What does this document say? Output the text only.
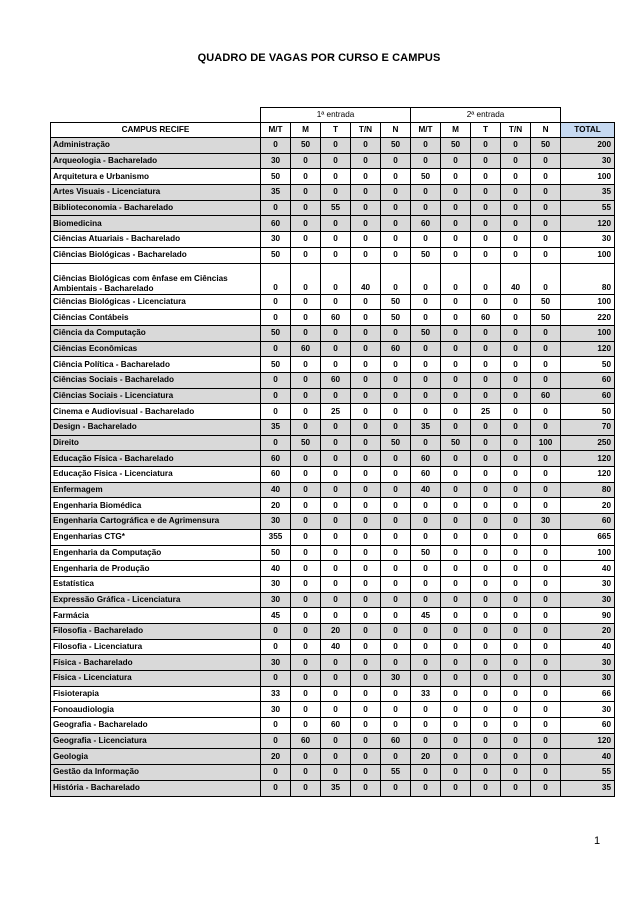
QUADRO DE VAGAS POR CURSO E CAMPUS
		1ª entrada					2ª entrada				
CAMPUS RECIFE	M/T	M	T	T/N	N	M/T	M	T	T/N	N	TOTAL
Administração	0	50	0	0	50	0	50	0	0	50	200
Arqueologia - Bacharelado	30	0	0	0	0	0	0	0	0	0	30
Arquitetura e Urbanismo	50	0	0	0	0	50	0	0	0	0	100
Artes Visuais - Licenciatura	35	0	0	0	0	0	0	0	0	0	35
Biblioteconomia - Bacharelado	0	0	55	0	0	0	0	0	0	0	55
Biomedicina	60	0	0	0	0	60	0	0	0	0	120
Ciências Atuariais - Bacharelado	30	0	0	0	0	0	0	0	0	0	30
Ciências Biológicas - Bacharelado	50	0	0	0	0	50	0	0	0	0	100
Ciências Biológicas com ênfase em Ciências Ambientais - Bacharelado	0	0	0	40	0	0	0	0	40	0	80
Ciências Biológicas - Licenciatura	0	0	0	0	50	0	0	0	0	50	100
Ciências Contábeis	0	0	60	0	50	0	0	60	0	50	220
Ciência da Computação	50	0	0	0	0	50	0	0	0	0	100
Ciências Econômicas	0	60	0	0	60	0	0	0	0	0	120
Ciência Política - Bacharelado	50	0	0	0	0	0	0	0	0	0	50
Ciências Sociais - Bacharelado	0	0	60	0	0	0	0	0	0	0	60
Ciências Sociais - Licenciatura	0	0	0	0	0	0	0	0	0	60	60
Cinema e Audiovisual - Bacharelado	0	0	25	0	0	0	0	25	0	0	50
Design - Bacharelado	35	0	0	0	0	35	0	0	0	0	70
Direito	0	50	0	0	50	0	50	0	0	100	250
Educação Física - Bacharelado	60	0	0	0	0	60	0	0	0	0	120
Educação Física - Licenciatura	60	0	0	0	0	60	0	0	0	0	120
Enfermagem	40	0	0	0	0	40	0	0	0	0	80
Engenharia Biomédica	20	0	0	0	0	0	0	0	0	0	20
Engenharia Cartográfica e de Agrimensura	30	0	0	0	0	0	0	0	0	30	60
Engenharias CTG*	355	0	0	0	0	0	0	0	0	0	665
Engenharia da Computação	50	0	0	0	0	50	0	0	0	0	100
Engenharia de Produção	40	0	0	0	0	0	0	0	0	0	40
Estatística	30	0	0	0	0	0	0	0	0	0	30
Expressão Gráfica - Licenciatura	30	0	0	0	0	0	0	0	0	0	30
Farmácia	45	0	0	0	0	45	0	0	0	0	90
Filosofia - Bacharelado	0	0	20	0	0	0	0	0	0	0	20
Filosofia - Licenciatura	0	0	40	0	0	0	0	0	0	0	40
Física - Bacharelado	30	0	0	0	0	0	0	0	0	0	30
Física - Licenciatura	0	0	0	0	30	0	0	0	0	0	30
Fisioterapia	33	0	0	0	0	33	0	0	0	0	66
Fonoaudiologia	30	0	0	0	0	0	0	0	0	0	30
Geografia - Bacharelado	0	0	60	0	0	0	0	0	0	0	60
Geografia - Licenciatura	0	60	0	0	60	0	0	0	0	0	120
Geologia	20	0	0	0	0	20	0	0	0	0	40
Gestão da Informação	0	0	0	0	55	0	0	0	0	0	55
História - Bacharelado	0	0	35	0	0	0	0	0	0	0	35
1
